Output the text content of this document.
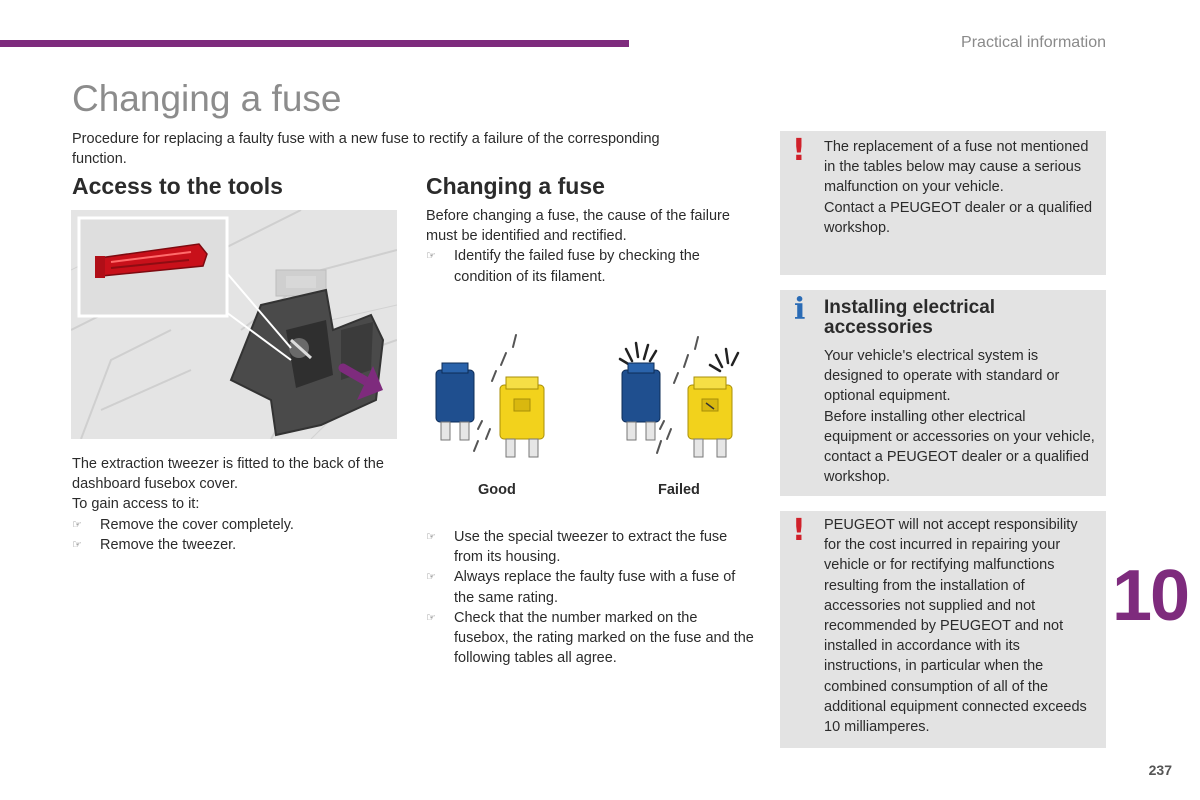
Practical information
Changing a fuse
Procedure for replacing a faulty fuse with a new fuse to rectify a failure of the corresponding function.
Access to the tools
The extraction tweezer is fitted to the back of the dashboard fusebox cover.
To gain access to it:
☞	Remove the cover completely.
☞	Remove the tweezer.
Changing a fuse
Before changing a fuse, the cause of the failure must be identified and rectified.
☞	Identify the failed fuse by checking the condition of its filament.
Good	Failed
☞	Use the special tweezer to extract the fuse from its housing.
☞	Always replace the faulty fuse with a fuse of the same rating.
☞	Check that the number marked on the fusebox, the rating marked on the fuse and the following tables all agree.
! The replacement of a fuse not mentioned in the tables below may cause a serious malfunction on your vehicle.
Contact a PEUGEOT dealer or a qualified workshop.
i Installing electrical accessories
Your vehicle's electrical system is designed to operate with standard or optional equipment.
Before installing other electrical equipment or accessories on your vehicle, contact a PEUGEOT dealer or a qualified workshop.
! PEUGEOT will not accept responsibility for the cost incurred in repairing your vehicle or for rectifying malfunctions resulting from the installation of accessories not supplied and not recommended by PEUGEOT and not installed in accordance with its instructions, in particular when the combined consumption of all of the additional equipment connected exceeds 10 milliamperes.
10
237
